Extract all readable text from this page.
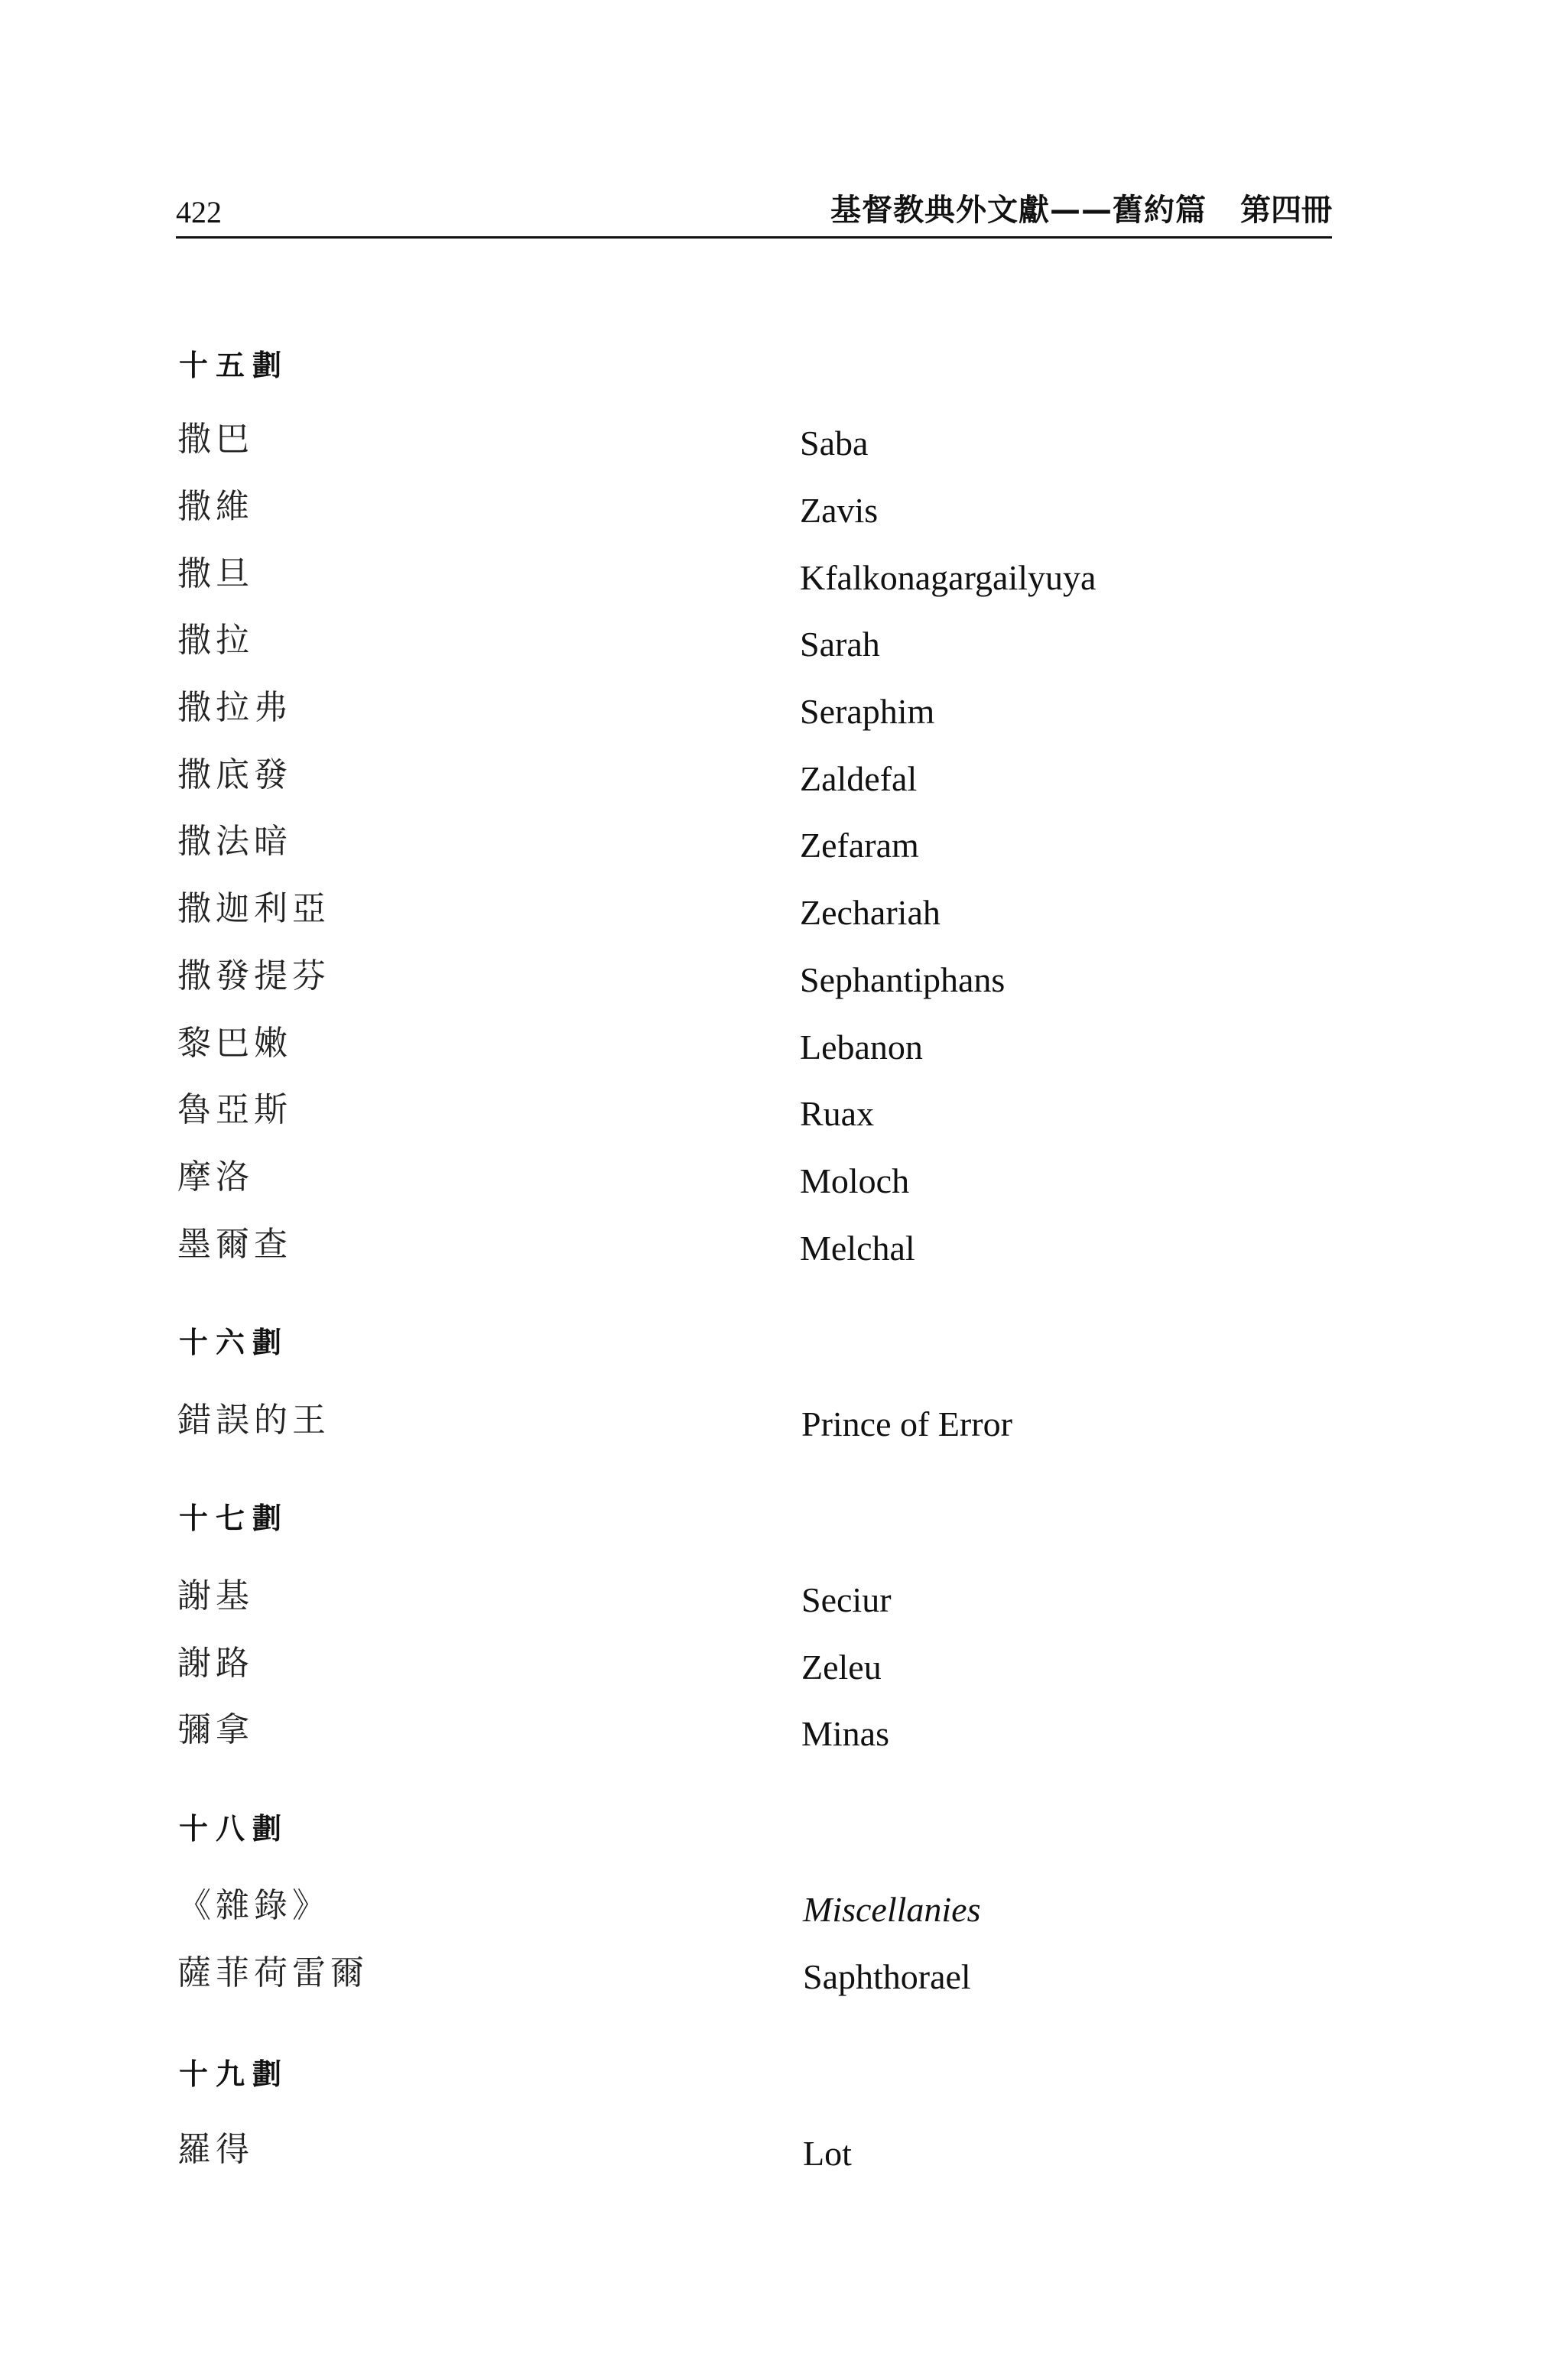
422	基督教典外文獻——舊約篇 第四冊
十五劃
撒巴	Saba
撒維	Zavis
撒旦	Kfalkonagargailyuya
撒拉	Sarah
撒拉弗	Seraphim
撒底發	Zaldefal
撒法暗	Zefaram
撒迦利亞	Zechariah
撒發提芬	Sephantiphans
黎巴嫩	Lebanon
魯亞斯	Ruax
摩洛	Moloch
墨爾查	Melchal
十六劃
錯誤的王	Prince of Error
十七劃
謝基	Seciur
謝路	Zeleu
彌拿	Minas
十八劃
《雜錄》	Miscellanies
薩菲荷雷爾	Saphthorael
十九劃
羅得	Lot
